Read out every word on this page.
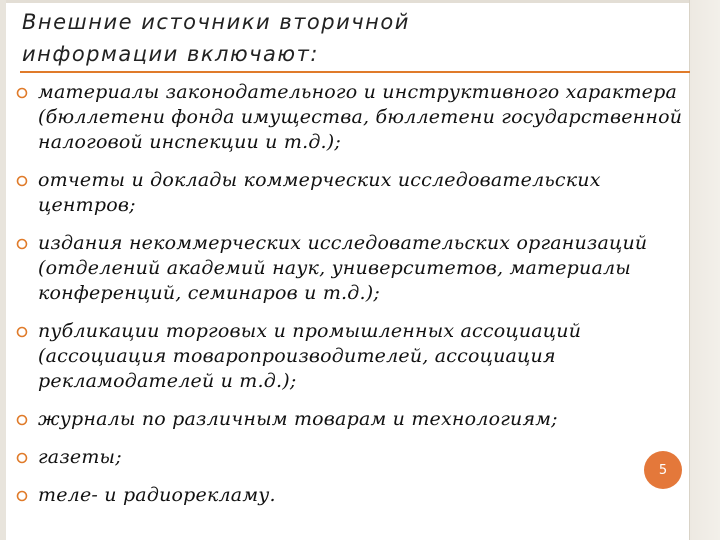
Внешние источники вторичной
информации включают:
материалы законодательного и инструктивного характера (бюллетени фонда имущества, бюллетени государственной налоговой инспекции и т.д.);
отчеты и доклады коммерческих исследовательских центров;
издания некоммерческих исследовательских организаций (отделений академий наук, университетов, материалы конференций, семинаров и т.д.);
публикации торговых и промышленных ассоциаций (ассоциация товаропроизводителей, ассоциация рекламодателей и т.д.);
журналы по различным товарам и технологиям;
газеты;
теле- и радиорекламу.
5
